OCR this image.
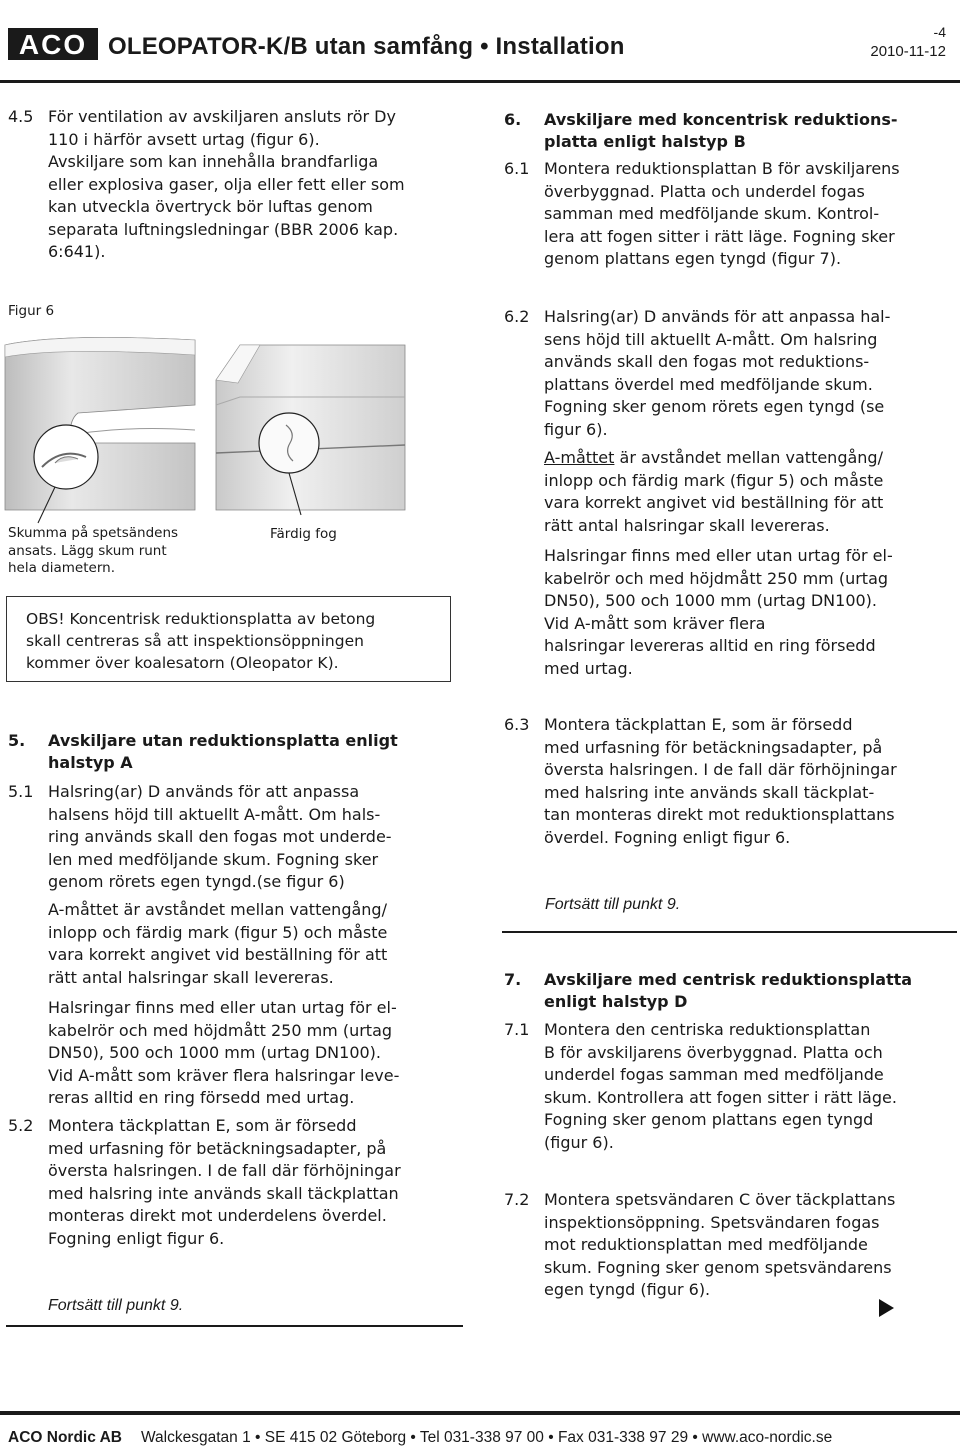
ACO OLEOPATOR-K/B utan samfång • Installation
-4
2010-11-12
4.5 För ventilation av avskiljaren ansluts rör Dy
110 i härför avsett urtag (figur 6).
Avskiljare som kan innehålla brandfarliga
eller explosiva gaser, olja eller fett eller som
kan utveckla övertryck bör luftas genom
separata luftningsledningar (BBR 2006 kap.
6:641).
Figur 6
Skumma på spetsändens
ansats. Lägg skum runt
hela diametern.
Färdig fog
OBS! Koncentrisk reduktionsplatta av betong
skall centreras så att inspektionsöppningen
kommer över koalesatorn (Oleopator K).
5. Avskiljare utan reduktionsplatta enligt
halstyp A
5.1 Halsring(ar) D används för att anpassa
halsens höjd till aktuellt A-mått. Om hals-
ring används skall den fogas mot underde-
len med medföljande skum. Fogning sker
genom rörets egen tyngd.(se figur 6)
A-måttet är avståndet mellan vattengång/
inlopp och färdig mark (figur 5) och måste
vara korrekt angivet vid beställning för att
rätt antal halsringar skall levereras.
Halsringar finns med eller utan urtag för el-
kabelrör och med höjdmått 250 mm (urtag
DN50), 500 och 1000 mm (urtag DN100).
Vid A-mått som kräver flera halsringar leve-
reras alltid en ring försedd med urtag.
5.2 Montera täckplattan E, som är försedd
med urfasning för betäckningsadapter, på
översta halsringen. I de fall där förhöjningar
med halsring inte används skall täckplattan
monteras direkt mot underdelens överdel.
Fogning enligt figur 6.
Fortsätt till punkt 9.
6. Avskiljare med koncentrisk reduktions-
platta enligt halstyp B
6.1 Montera reduktionsplattan B för avskiljarens
överbyggnad. Platta och underdel fogas
samman med medföljande skum. Kontrol-
lera att fogen sitter i rätt läge. Fogning sker
genom plattans egen tyngd (figur 7).
6.2 Halsring(ar) D används för att anpassa hal-
sens höjd till aktuellt A-mått. Om halsring
används skall den fogas mot reduktions-
plattans överdel med medföljande skum.
Fogning sker genom rörets egen tyngd (se
figur 6).
A-måttet är avståndet mellan vattengång/
inlopp och färdig mark (figur 5) och måste
vara korrekt angivet vid beställning för att
rätt antal halsringar skall levereras.
Halsringar finns med eller utan urtag för el-
kabelrör och med höjdmått 250 mm (urtag
DN50), 500 och 1000 mm (urtag DN100).
Vid A-mått som kräver flera
halsringar levereras alltid en ring försedd
med urtag.
6.3 Montera täckplattan E, som är försedd
med urfasning för betäckningsadapter, på
översta halsringen. I de fall där förhöjningar
med halsring inte används skall täckplat-
tan monteras direkt mot reduktionsplattans
överdel. Fogning enligt figur 6.
Fortsätt till punkt 9.
7. Avskiljare med centrisk reduktionsplatta
enligt halstyp D
7.1 Montera den centriska reduktionsplattan
B för avskiljarens överbyggnad. Platta och
underdel fogas samman med medföljande
skum. Kontrollera att fogen sitter i rätt läge.
Fogning sker genom plattans egen tyngd
(figur 6).
7.2 Montera spetsvändaren C över täckplattans
inspektionsöppning. Spetsvändaren fogas
mot reduktionsplattan med medföljande
skum. Fogning sker genom spetsvändarens
egen tyngd (figur 6).
ACO Nordic AB Walckesgatan 1 • SE 415 02 Göteborg • Tel 031-338 97 00 • Fax 031-338 97 29 • www.aco-nordic.se
